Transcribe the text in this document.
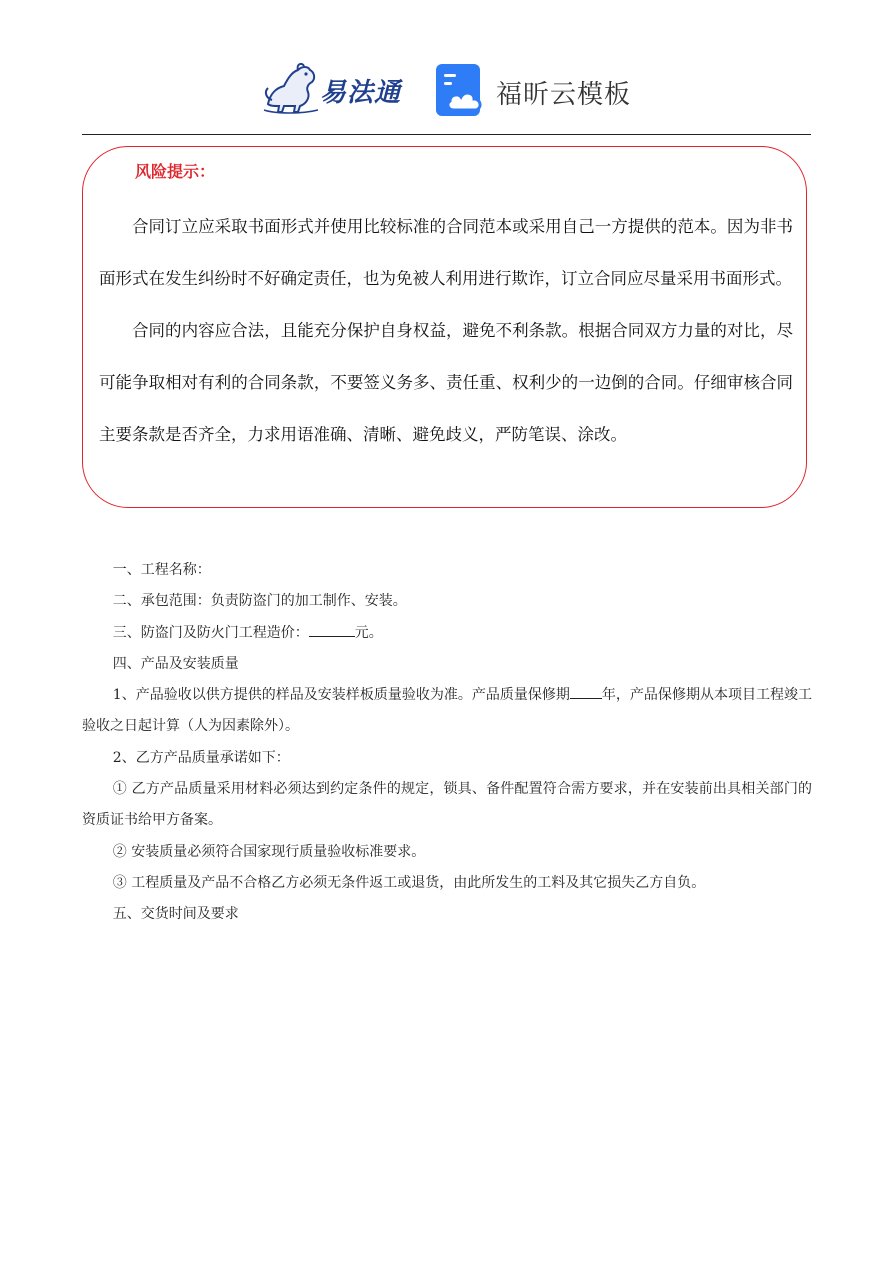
易法通	福昕云模板
风险提示：

合同订立应采取书面形式并使用比较标准的合同范本或采用自己一方提供的范本。因为非书面形式在发生纠纷时不好确定责任，也为免被人利用进行欺诈，订立合同应尽量采用书面形式。

合同的内容应合法，且能充分保护自身权益，避免不利条款。根据合同双方力量的对比，尽可能争取相对有利的合同条款，不要签义务多、责任重、权利少的一边倒的合同。仔细审核合同主要条款是否齐全，力求用语准确、清晰、避免歧义，严防笔误、涂改。

一、工程名称：

二、承包范围：负责防盗门的加工制作、安装。

三、防盗门及防火门工程造价：	元。

四、产品及安装质量

1、产品验收以供方提供的样品及安装样板质量验收为准。产品质量保修期 年，产品保修期从本项目工程竣工验收之日起计算（人为因素除外）。

2、乙方产品质量承诺如下：

① 乙方产品质量采用材料必须达到约定条件的规定，锁具、备件配置符合需方要求，并在安装前出具相关部门的资质证书给甲方备案。

② 安装质量必须符合国家现行质量验收标准要求。

③ 工程质量及产品不合格乙方必须无条件返工或退货，由此所发生的工料及其它损失乙方自负。

五、交货时间及要求
